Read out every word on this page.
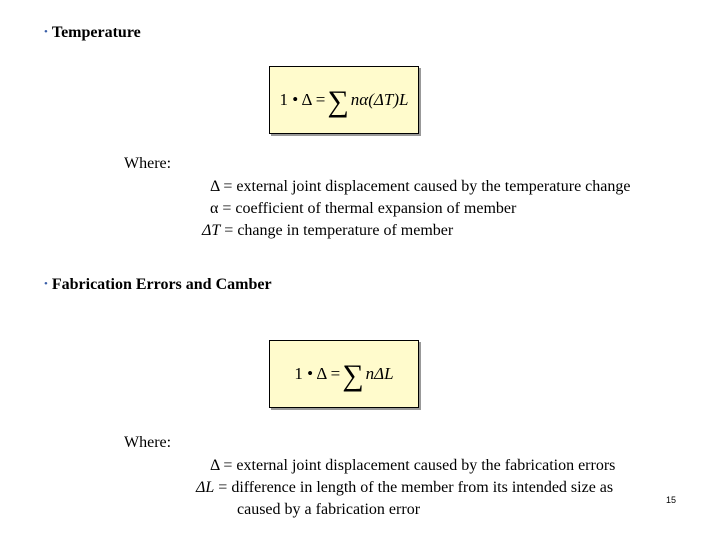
• Temperature
1 • Δ = ∑ nα(ΔT)L
Where:
Δ = external joint displacement caused by the temperature change
α = coefficient of thermal expansion of member
ΔT = change in temperature of member
• Fabrication Errors and Camber
1 • Δ = ∑ nΔL
Where:
Δ = external joint displacement caused by the fabrication errors
ΔL = difference in length of the member from its intended size as
caused by a fabrication error
15
